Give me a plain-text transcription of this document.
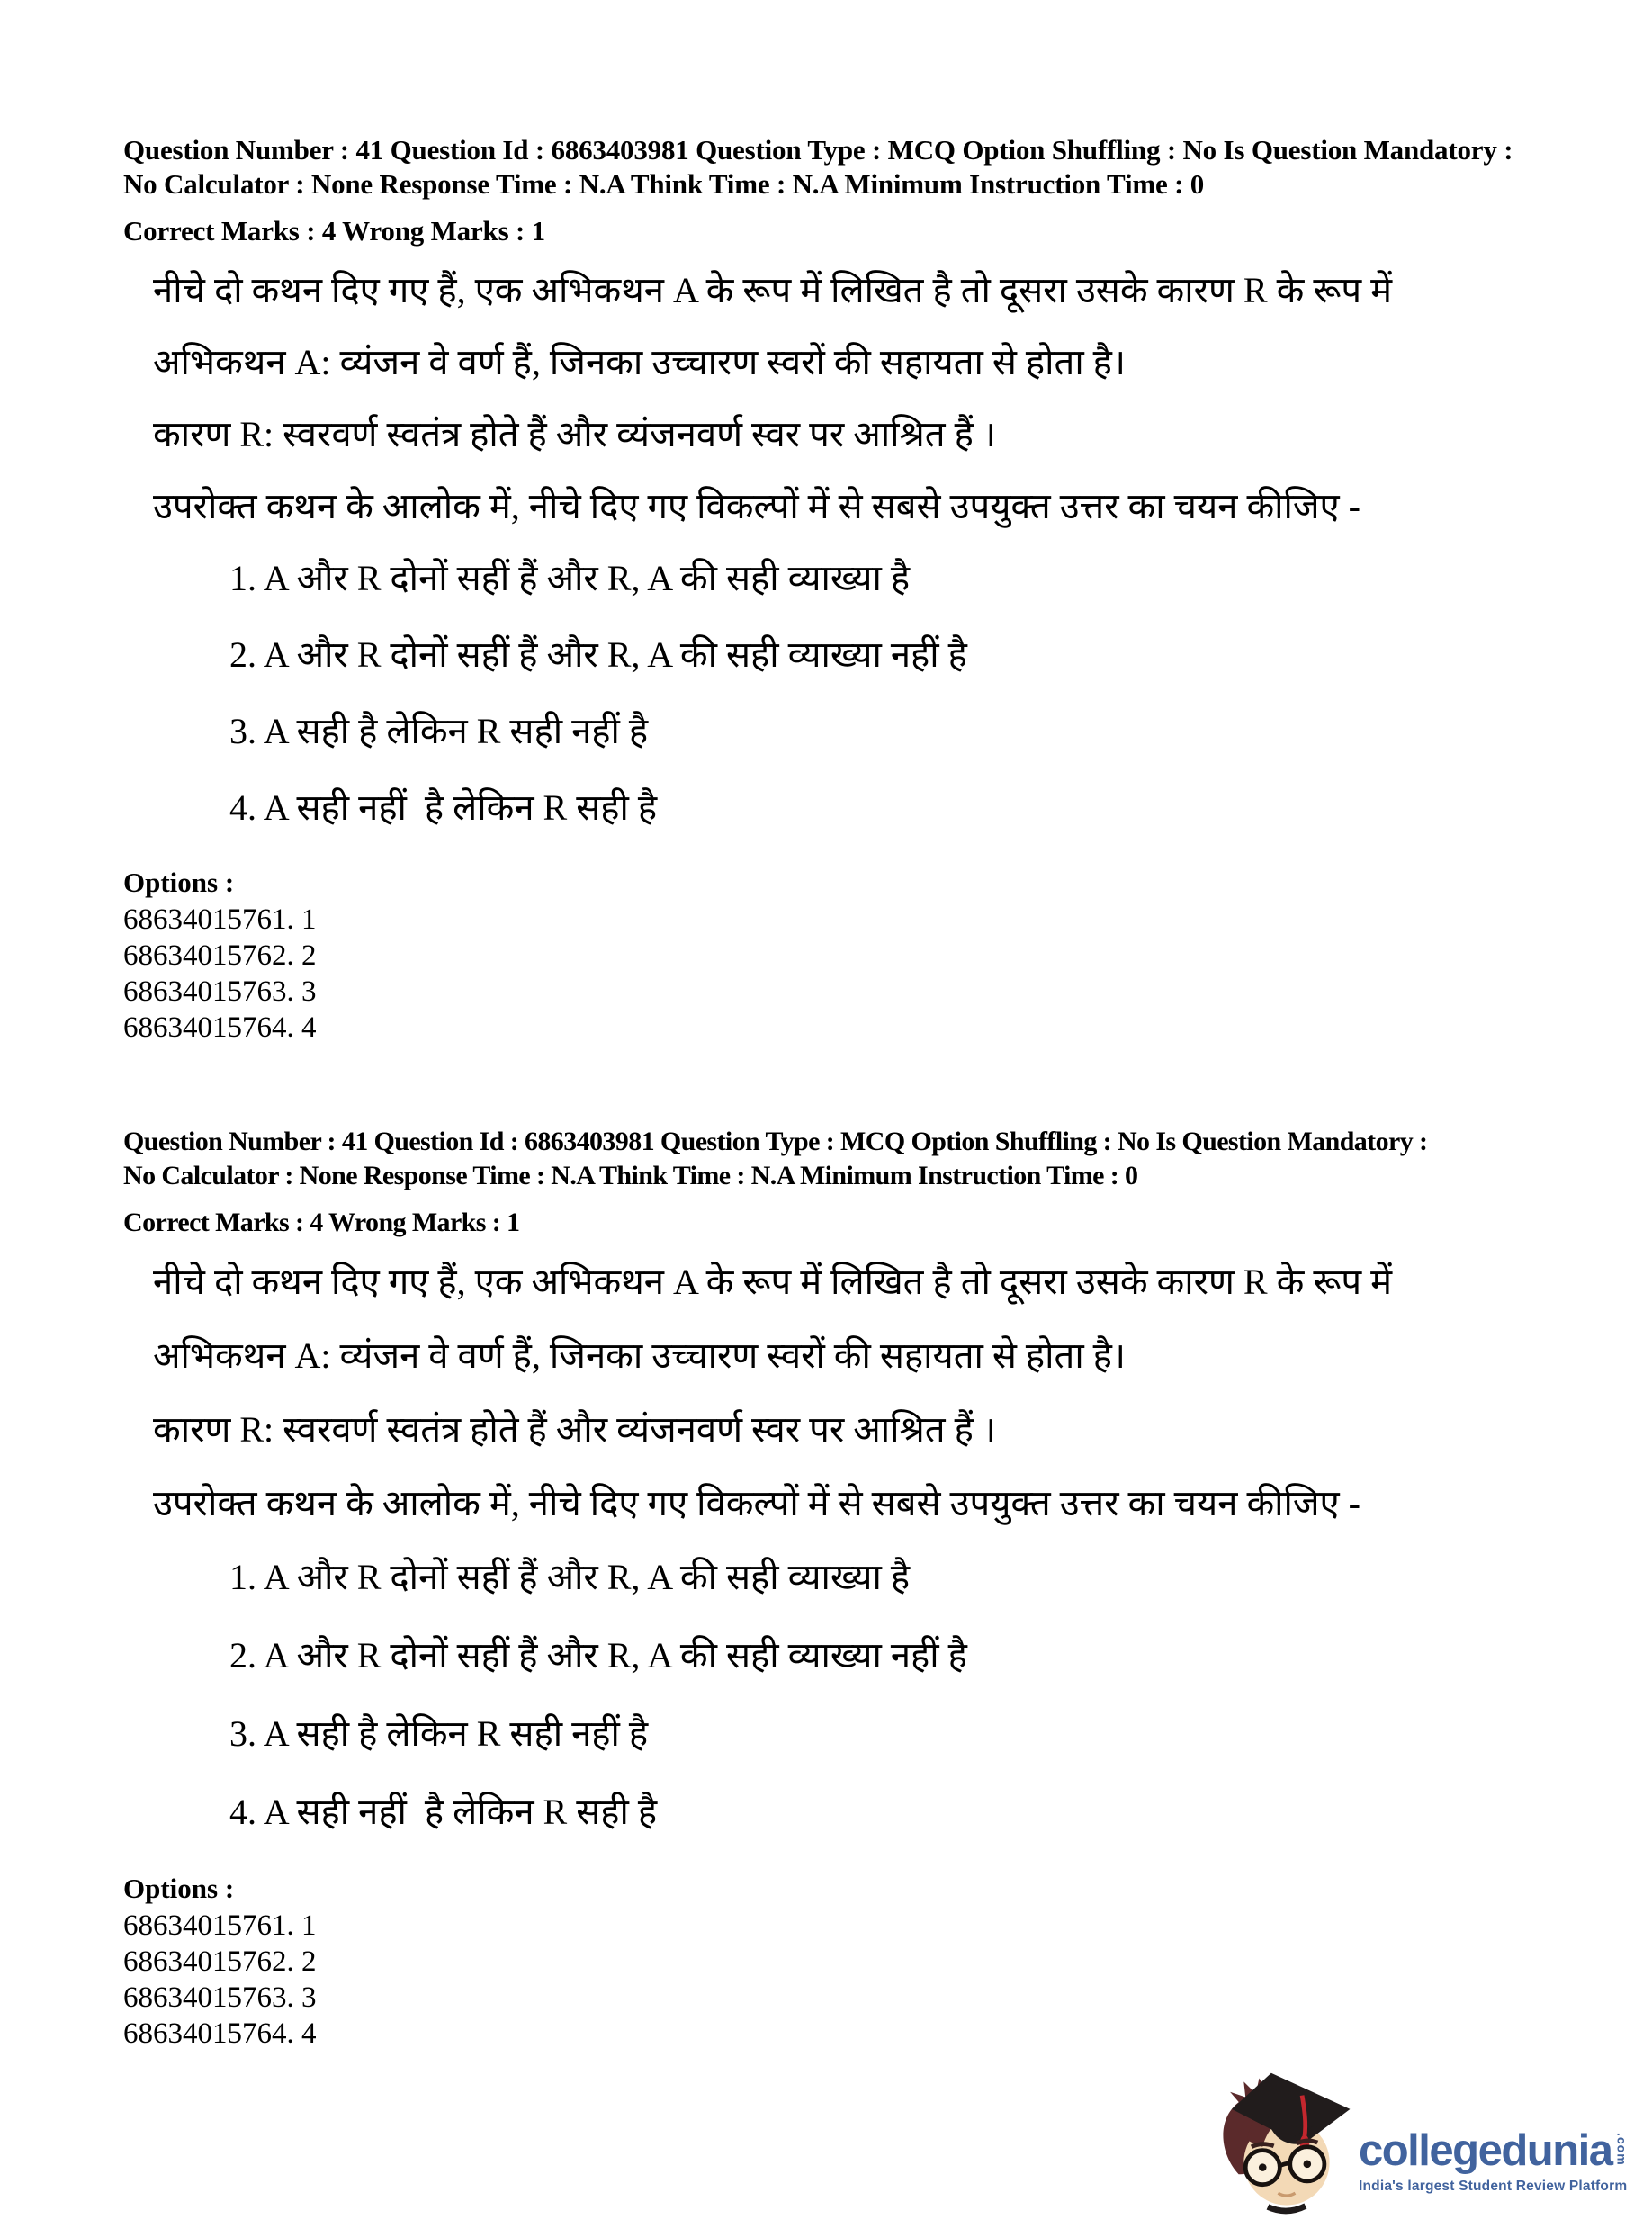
Question Number : 41 Question Id : 6863403981 Question Type : MCQ Option Shuffling : No Is Question Mandatory :

No Calculator : None Response Time : N.A Think Time : N.A Minimum Instruction Time : 0

Correct Marks : 4 Wrong Marks : 1

नीचे दो कथन दिए गए हैं, एक अभिकथन A के रूप में लिखित है तो दूसरा उसके कारण R के रूप में

अभिकथन A: व्यंजन वे वर्ण हैं, जिनका उच्चारण स्वरों की सहायता से होता है।

कारण R: स्वरवर्ण स्वतंत्र होते हैं और व्यंजनवर्ण स्वर पर आश्रित हैं ।

उपरोक्त कथन के आलोक में, नीचे दिए गए विकल्पों में से सबसे उपयुक्त उत्तर का चयन कीजिए -

1. A और R दोनों सहीं हैं और R, A की सही व्याख्या है

2. A और R दोनों सहीं हैं और R, A की सही व्याख्या नहीं है

3. A सही है लेकिन R सही नहीं है

4. A सही नहीं  है लेकिन R सही है

Options :

68634015761. 1

68634015762. 2

68634015763. 3

68634015764. 4

Question Number : 41 Question Id : 6863403981 Question Type : MCQ Option Shuffling : No Is Question Mandatory :

No Calculator : None Response Time : N.A Think Time : N.A Minimum Instruction Time : 0

Correct Marks : 4 Wrong Marks : 1

नीचे दो कथन दिए गए हैं, एक अभिकथन A के रूप में लिखित है तो दूसरा उसके कारण R के रूप में

अभिकथन A: व्यंजन वे वर्ण हैं, जिनका उच्चारण स्वरों की सहायता से होता है।

कारण R: स्वरवर्ण स्वतंत्र होते हैं और व्यंजनवर्ण स्वर पर आश्रित हैं ।

उपरोक्त कथन के आलोक में, नीचे दिए गए विकल्पों में से सबसे उपयुक्त उत्तर का चयन कीजिए -

1. A और R दोनों सहीं हैं और R, A की सही व्याख्या है

2. A और R दोनों सहीं हैं और R, A की सही व्याख्या नहीं है

3. A सही है लेकिन R सही नहीं है

4. A सही नहीं  है लेकिन R सही है

Options :

68634015761. 1

68634015762. 2

68634015763. 3

68634015764. 4

collegedunia .com
India's largest Student Review Platform
